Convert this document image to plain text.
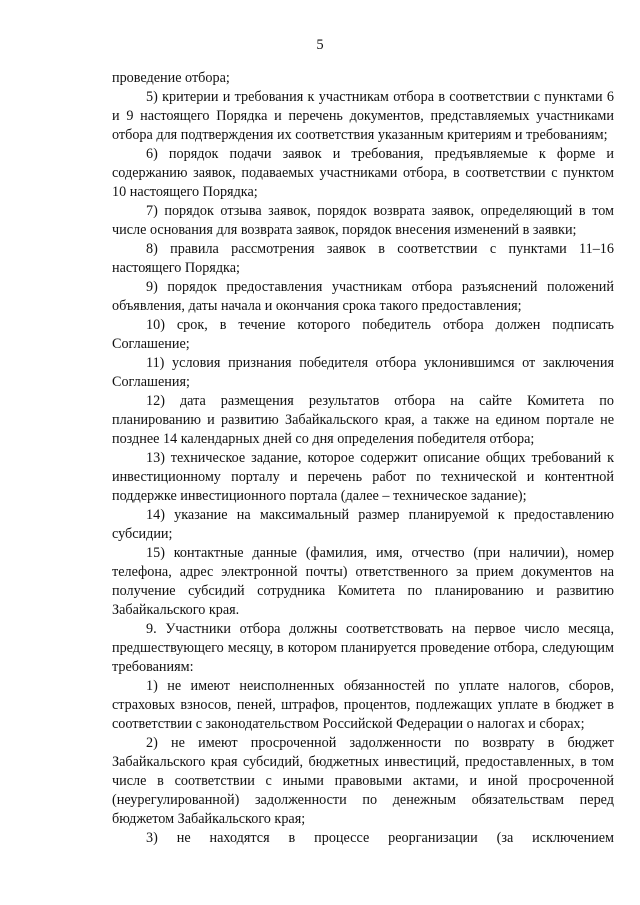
5

проведение отбора;

5) критерии и требования к участникам отбора в соответствии с пунктами 6 и 9 настоящего Порядка и перечень документов, представляемых участниками отбора для подтверждения их соответствия указанным критериям и требованиям;

6) порядок подачи заявок и требования, предъявляемые к форме и содержанию заявок, подаваемых участниками отбора, в соответствии с пунктом 10 настоящего Порядка;

7) порядок отзыва заявок, порядок возврата заявок, определяющий в том числе основания для возврата заявок, порядок внесения изменений в заявки;

8) правила рассмотрения заявок в соответствии с пунктами 11–16 настоящего Порядка;

9) порядок предоставления участникам отбора разъяснений положений объявления, даты начала и окончания срока такого предоставления;

10) срок, в течение которого победитель отбора должен подписать Соглашение;

11) условия признания победителя отбора уклонившимся от заключения Соглашения;

12) дата размещения результатов отбора на сайте Комитета по планированию и развитию Забайкальского края, а также на едином портале не позднее 14 календарных дней со дня определения победителя отбора;

13) техническое задание, которое содержит описание общих требований к инвестиционному порталу и перечень работ по технической и контентной поддержке инвестиционного портала (далее – техническое задание);

14) указание на максимальный размер планируемой к предоставлению субсидии;

15) контактные данные (фамилия, имя, отчество (при наличии), номер телефона, адрес электронной почты) ответственного за прием документов на получение субсидий сотрудника Комитета по планированию и развитию Забайкальского края.

9. Участники отбора должны соответствовать на первое число месяца, предшествующего месяцу, в котором планируется проведение отбора, следующим требованиям:

1) не имеют неисполненных обязанностей по уплате налогов, сборов, страховых взносов, пеней, штрафов, процентов, подлежащих уплате в бюджет в соответствии с законодательством Российской Федерации о налогах и сборах;

2) не имеют просроченной задолженности по возврату в бюджет Забайкальского края субсидий, бюджетных инвестиций, предоставленных, в том числе в соответствии с иными правовыми актами, и иной просроченной (неурегулированной) задолженности по денежным обязательствам перед бюджетом Забайкальского края;

3) не находятся в процессе реорганизации (за исключением
